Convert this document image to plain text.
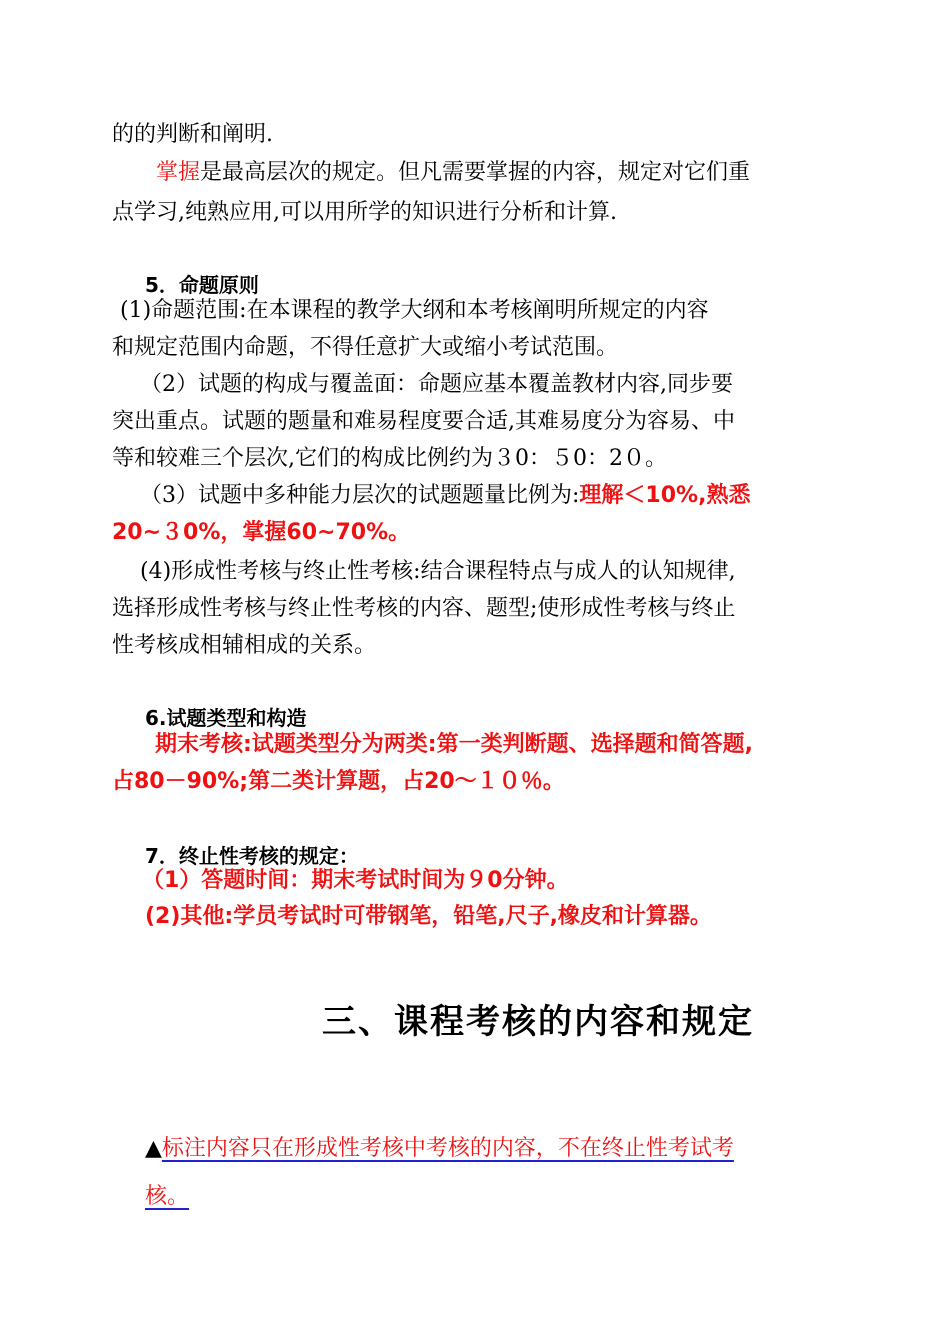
的的判断和阐明.
掌握是最高层次的规定。但凡需要掌握的内容，规定对它们重
点学习,纯熟应用,可以用所学的知识进行分析和计算.
5．命题原则
(1)命题范围:在本课程的教学大纲和本考核阐明所规定的内容
和规定范围内命题，不得任意扩大或缩小考试范围。
（2）试题的构成与覆盖面：命题应基本覆盖教材内容,同步要
突出重点。试题的题量和难易程度要合适,其难易度分为容易、中
等和较难三个层次,它们的构成比例约为３0：５0：2０。
（3）试题中多种能力层次的试题题量比例为:理解＜10%,熟悉
20~３0%，掌握60~70%。
(4)形成性考核与终止性考核:结合课程特点与成人的认知规律,
选择形成性考核与终止性考核的内容、题型;使形成性考核与终止
性考核成相辅相成的关系。
6.试题类型和构造
期末考核:试题类型分为两类:第一类判断题、选择题和简答题,
占80－90%;第二类计算题，占20～１０％。
7．终止性考核的规定：
（1）答题时间：期末考试时间为９0分钟。
(2)其他:学员考试时可带钢笔，铅笔,尺子,橡皮和计算器。
三、课程考核的内容和规定
▲标注内容只在形成性考核中考核的内容，不在终止性考试考
核。
